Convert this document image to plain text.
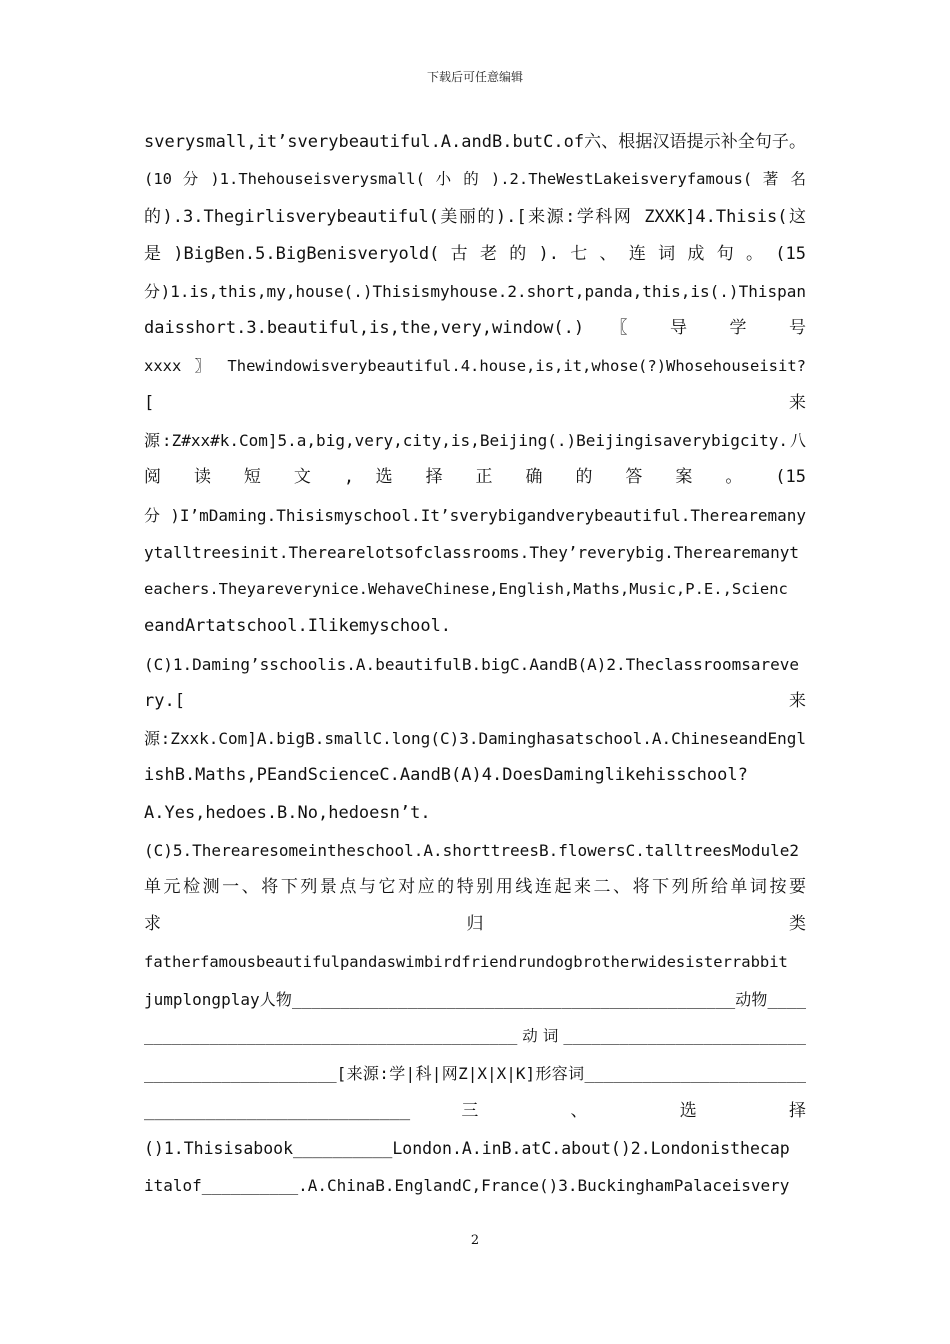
下载后可任意编辑
sverysmall,it’sverybeautiful.A.andB.butC.of六、根据汉语提示补全句子。
(10 分 )1.Thehouseisverysmall( 小 的 ).2.TheWestLakeisveryfamous( 著 名
的).3.Thegirlisverybeautiful(美丽的).[来源:学科网 ZXXK]4.Thisis(这
是 )BigBen.5.BigBenisveryold( 古 老 的 ). 七 、 连 词 成 句 。 (15
分)1.is,this,my,house(.)Thisismyhouse.2.short,panda,this,is(.)Thispan
daisshort.3.beautiful,is,the,very,window(.) 〖 导 学 号
xxxx 〗 Thewindowisverybeautiful.4.house,is,it,whose(?)Whosehouseisit?
[ 来
源:Z#xx#k.Com]5.a,big,very,city,is,Beijing(.)Beijingisaverybigcity.八
阅 读 短 文 , 选 择 正 确 的 答 案 。 (15
分)I’mDaming.Thisismyschool.It’sverybigandverybeautiful.Therearemany
ytalltreesinit.Therearelotsofclassrooms.They’reverybig.Therearemanyt
eachers.Theyareverynice.WehaveChinese,English,Maths,Music,P.E.,Scienc
eandArtatschool.Ilikemyschool.
(C)1.Daming’sschoolis.A.beautifulB.bigC.AandB(A)2.Theclassroomsareve
ry.[ 来
源:Zxxk.Com]A.bigB.smallC.long(C)3.Daminghasatschool.A.ChineseandEngl
ishB.Maths,PEandScienceC.AandB(A)4.DoesDaminglikehisschool?
A.Yes,hedoes.B.No,hedoesn’t.
(C)5.Therearesomeintheschool.A.shorttreesB.flowersC.talltreesModule2
单元检测一、将下列景点与它对应的特别用线连起来二、将下列所给单词按要
求 归 类
fatherfamousbeautifulpandaswimbirdfriendrundogbrotherwidesisterrabbit
jumplongplay人物______________________________________________动物____
________________________________________动词__________________________
____________________[来源:学|科|网Z|X|X|K]形容词_______________________
__________________________ 三 、 选 择
()1.Thisisabook__________London.A.inB.atC.about()2.Londonisthecap
italof__________.A.ChinaB.EnglandC,France()3.BuckinghamPalaceisvery
2
